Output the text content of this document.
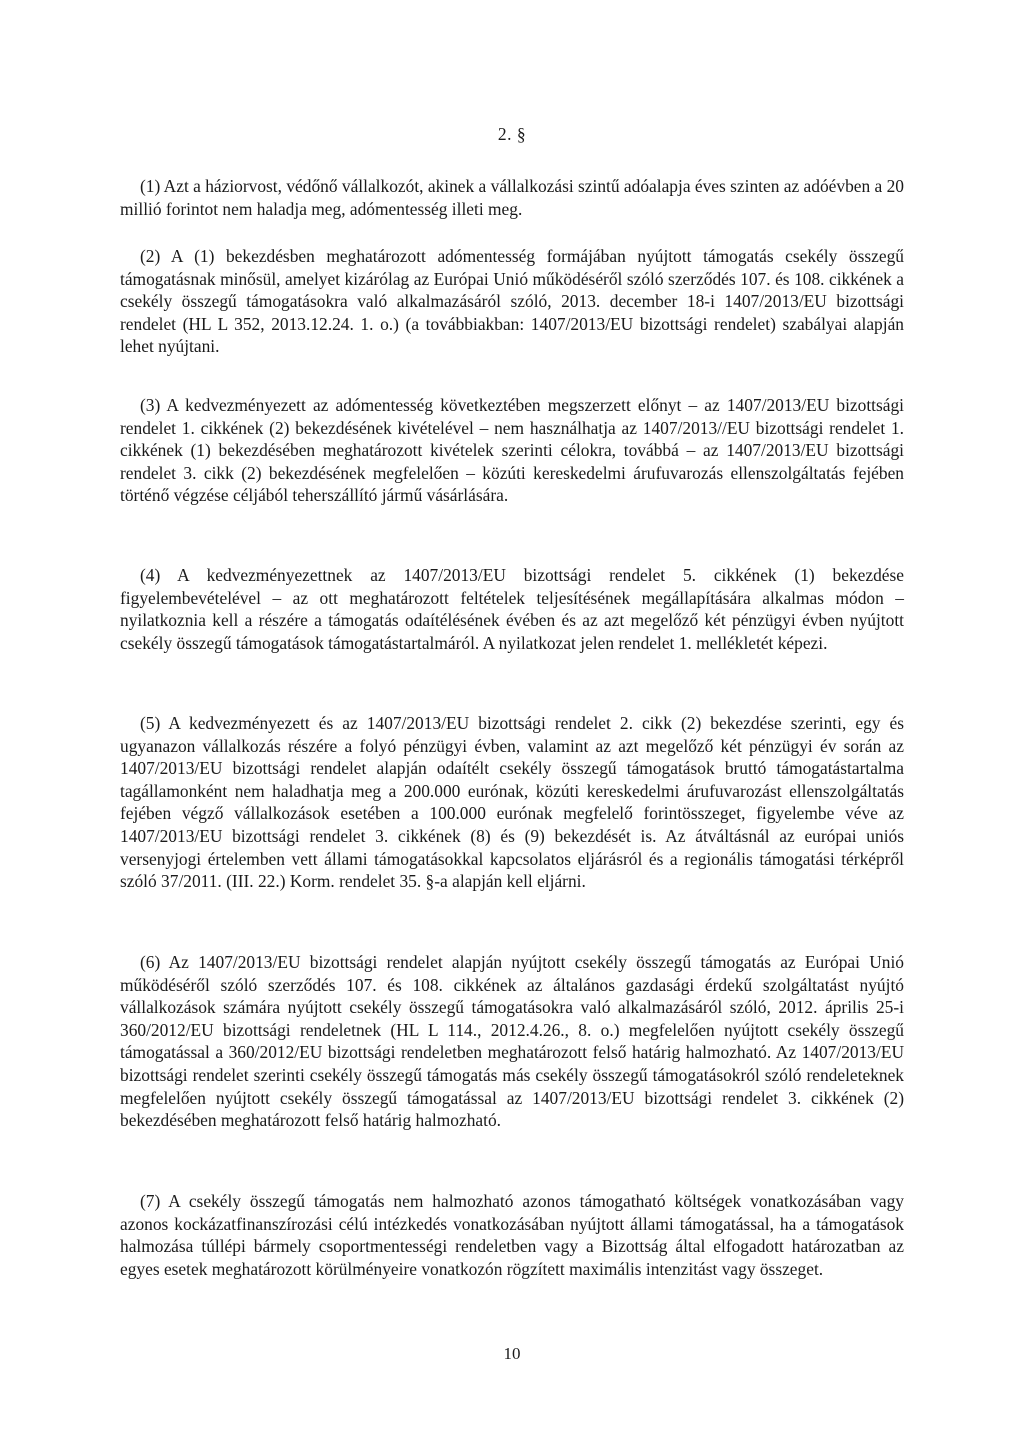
2. §

(1) Azt a háziorvost, védőnő vállalkozót, akinek a vállalkozási szintű adóalapja éves szinten az adóévben a 20 millió forintot nem haladja meg, adómentesség illeti meg.

(2) A (1) bekezdésben meghatározott adómentesség formájában nyújtott támogatás csekély összegű támogatásnak minősül, amelyet kizárólag az Európai Unió működéséről szóló szerződés 107. és 108. cikkének a csekély összegű támogatásokra való alkalmazásáról szóló, 2013. december 18-i 1407/2013/EU bizottsági rendelet (HL L 352, 2013.12.24. 1. o.) (a továbbiakban: 1407/2013/EU bizottsági rendelet) szabályai alapján lehet nyújtani.

(3) A kedvezményezett az adómentesség következtében megszerzett előnyt – az 1407/2013/EU bizottsági rendelet 1. cikkének (2) bekezdésének kivételével – nem használhatja az 1407/2013//EU bizottsági rendelet 1. cikkének (1) bekezdésében meghatározott kivételek szerinti célokra, továbbá – az 1407/2013/EU bizottsági rendelet 3. cikk (2) bekezdésének megfelelően – közúti kereskedelmi árufuvarozás ellenszolgáltatás fejében történő végzése céljából teherszállító jármű vásárlására.

(4) A kedvezményezettnek az 1407/2013/EU bizottsági rendelet 5. cikkének (1) bekezdése figyelembevételével – az ott meghatározott feltételek teljesítésének megállapítására alkalmas módon –nyilatkoznia kell a részére a támogatás odaítélésének évében és az azt megelőző két pénzügyi évben nyújtott csekély összegű támogatások támogatástartalmáról. A nyilatkozat jelen rendelet 1. mellékletét képezi.

(5) A kedvezményezett és az 1407/2013/EU bizottsági rendelet 2. cikk (2) bekezdése szerinti, egy és ugyanazon vállalkozás részére a folyó pénzügyi évben, valamint az azt megelőző két pénzügyi év során az 1407/2013/EU bizottsági rendelet alapján odaítélt csekély összegű támogatások bruttó támogatástartalma tagállamonként nem haladhatja meg a 200.000 eurónak, közúti kereskedelmi árufuvarozást ellenszolgáltatás fejében végző vállalkozások esetében a 100.000 eurónak megfelelő forintösszeget, figyelembe véve az 1407/2013/EU bizottsági rendelet 3. cikkének (8) és (9) bekezdését is. Az átváltásnál az európai uniós versenyjogi értelemben vett állami támogatásokkal kapcsolatos eljárásról és a regionális támogatási térképről szóló 37/2011. (III. 22.) Korm. rendelet 35. §-a alapján kell eljárni.

(6) Az 1407/2013/EU bizottsági rendelet alapján nyújtott csekély összegű támogatás az Európai Unió működéséről szóló szerződés 107. és 108. cikkének az általános gazdasági érdekű szolgáltatást nyújtó vállalkozások számára nyújtott csekély összegű támogatásokra való alkalmazásáról szóló, 2012. április 25-i 360/2012/EU bizottsági rendeletnek (HL L 114., 2012.4.26., 8. o.) megfelelően nyújtott csekély összegű támogatással a 360/2012/EU bizottsági rendeletben meghatározott felső határig halmozható. Az 1407/2013/EU bizottsági rendelet szerinti csekély összegű támogatás más csekély összegű támogatásokról szóló rendeleteknek megfelelően nyújtott csekély összegű támogatással az 1407/2013/EU bizottsági rendelet 3. cikkének (2) bekezdésében meghatározott felső határig halmozható.

(7) A csekély összegű támogatás nem halmozható azonos támogatható költségek vonatkozásában vagy azonos kockázatfinanszírozási célú intézkedés vonatkozásában nyújtott állami támogatással, ha a támogatások halmozása túllépi bármely csoportmentességi rendeletben vagy a Bizottság által elfogadott határozatban az egyes esetek meghatározott körülményeire vonatkozón rögzített maximális intenzitást vagy összeget.

10
